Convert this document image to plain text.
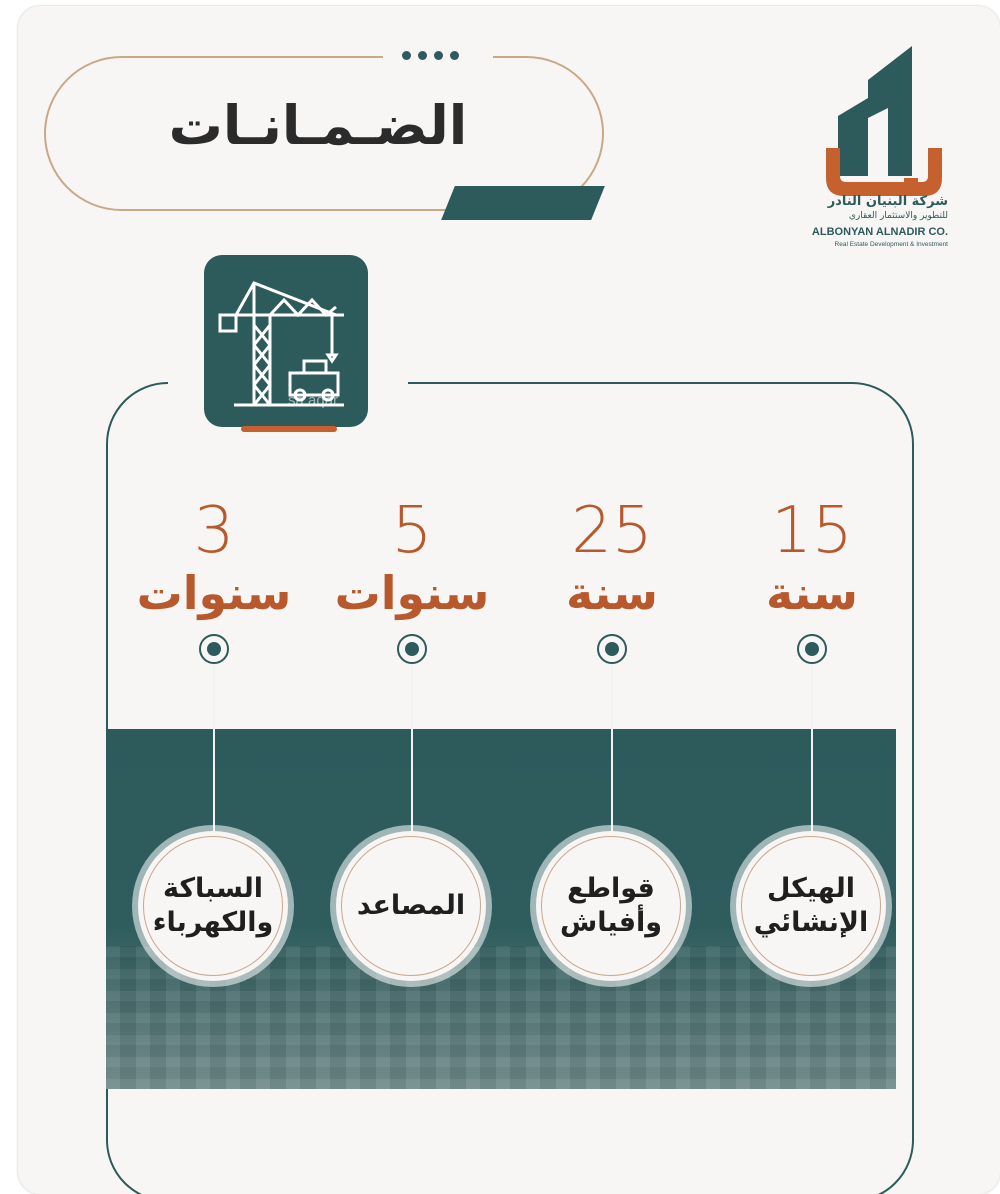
الضـمـانـات
شركة البنيان النادر
للتطوير والاستثمار العقاري
ALBONYAN ALNADIR CO.
Real Estate Development & Investment
sa.aqar
15
سنة
الهيكل
الإنشائي
25
سنة
قواطع
وأفياش
5
سنوات
المصاعد
3
سنوات
السباكة
والكهرباء
